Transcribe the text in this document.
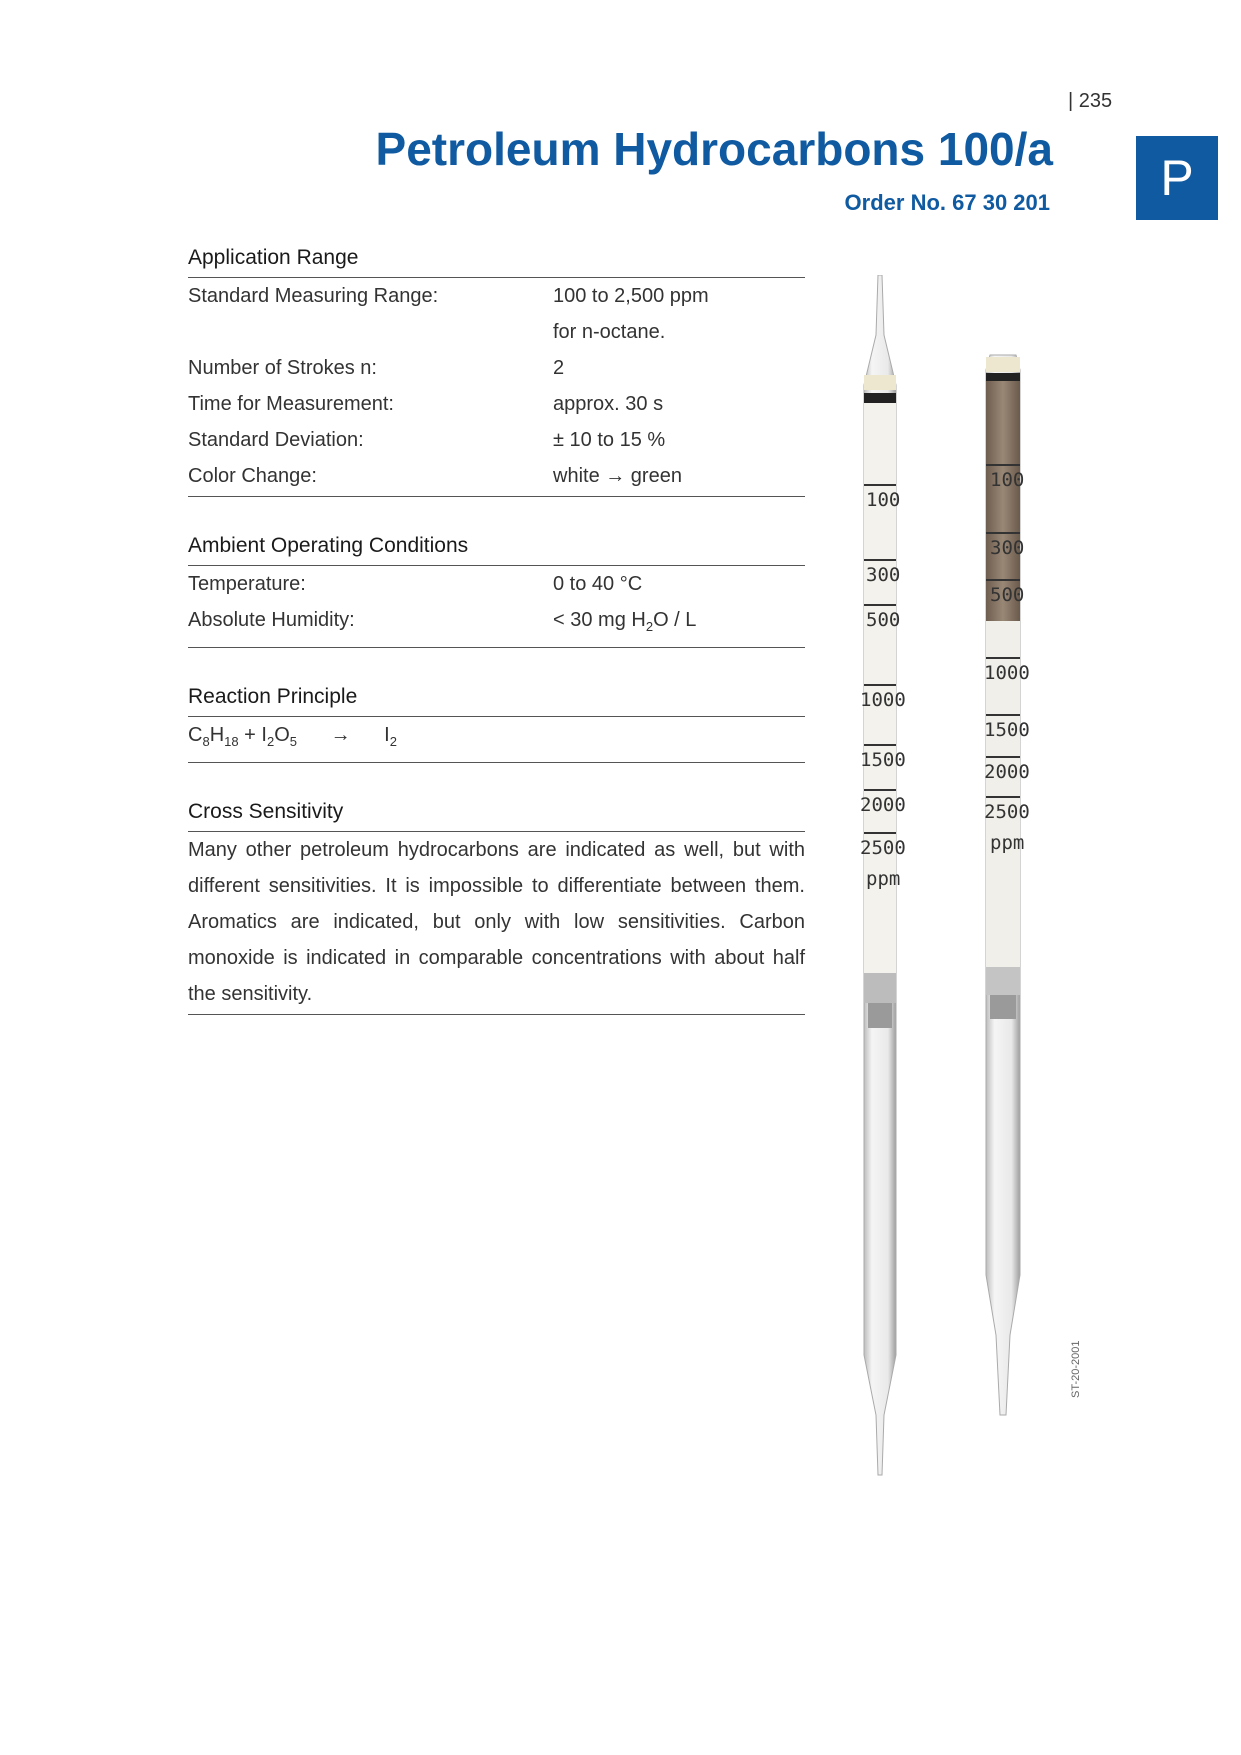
| 235
Petroleum Hydrocarbons 100/a
Order No. 67 30 201	P
Application Range
Standard Measuring Range:	100 to 2,500 ppm
for n-octane.
Number of Strokes n:	2
Time for Measurement:	approx. 30 s
Standard Deviation:	± 10 to 15 %
Color Change:	white → green
Ambient Operating Conditions
Temperature:	0 to 40 °C
Absolute Humidity:	< 30 mg $H_2O$ / L
Reaction Principle
$C_8H_{18} + I_2O_5 \to I_2$
Cross Sensitivity
Many other petroleum hydrocarbons are indicated as well, but with different sensitivities. It is impossible to differentiate between them. Aromatics are indicated, but only with low sensitivities. Carbon monoxide is indicated in comparable concentrations with about half the sensitivity.
100
300
500
1000
1500
2000
2500
ppm
100
300
500
1000
1500
2000
2500
ppm
ST-20-2001
